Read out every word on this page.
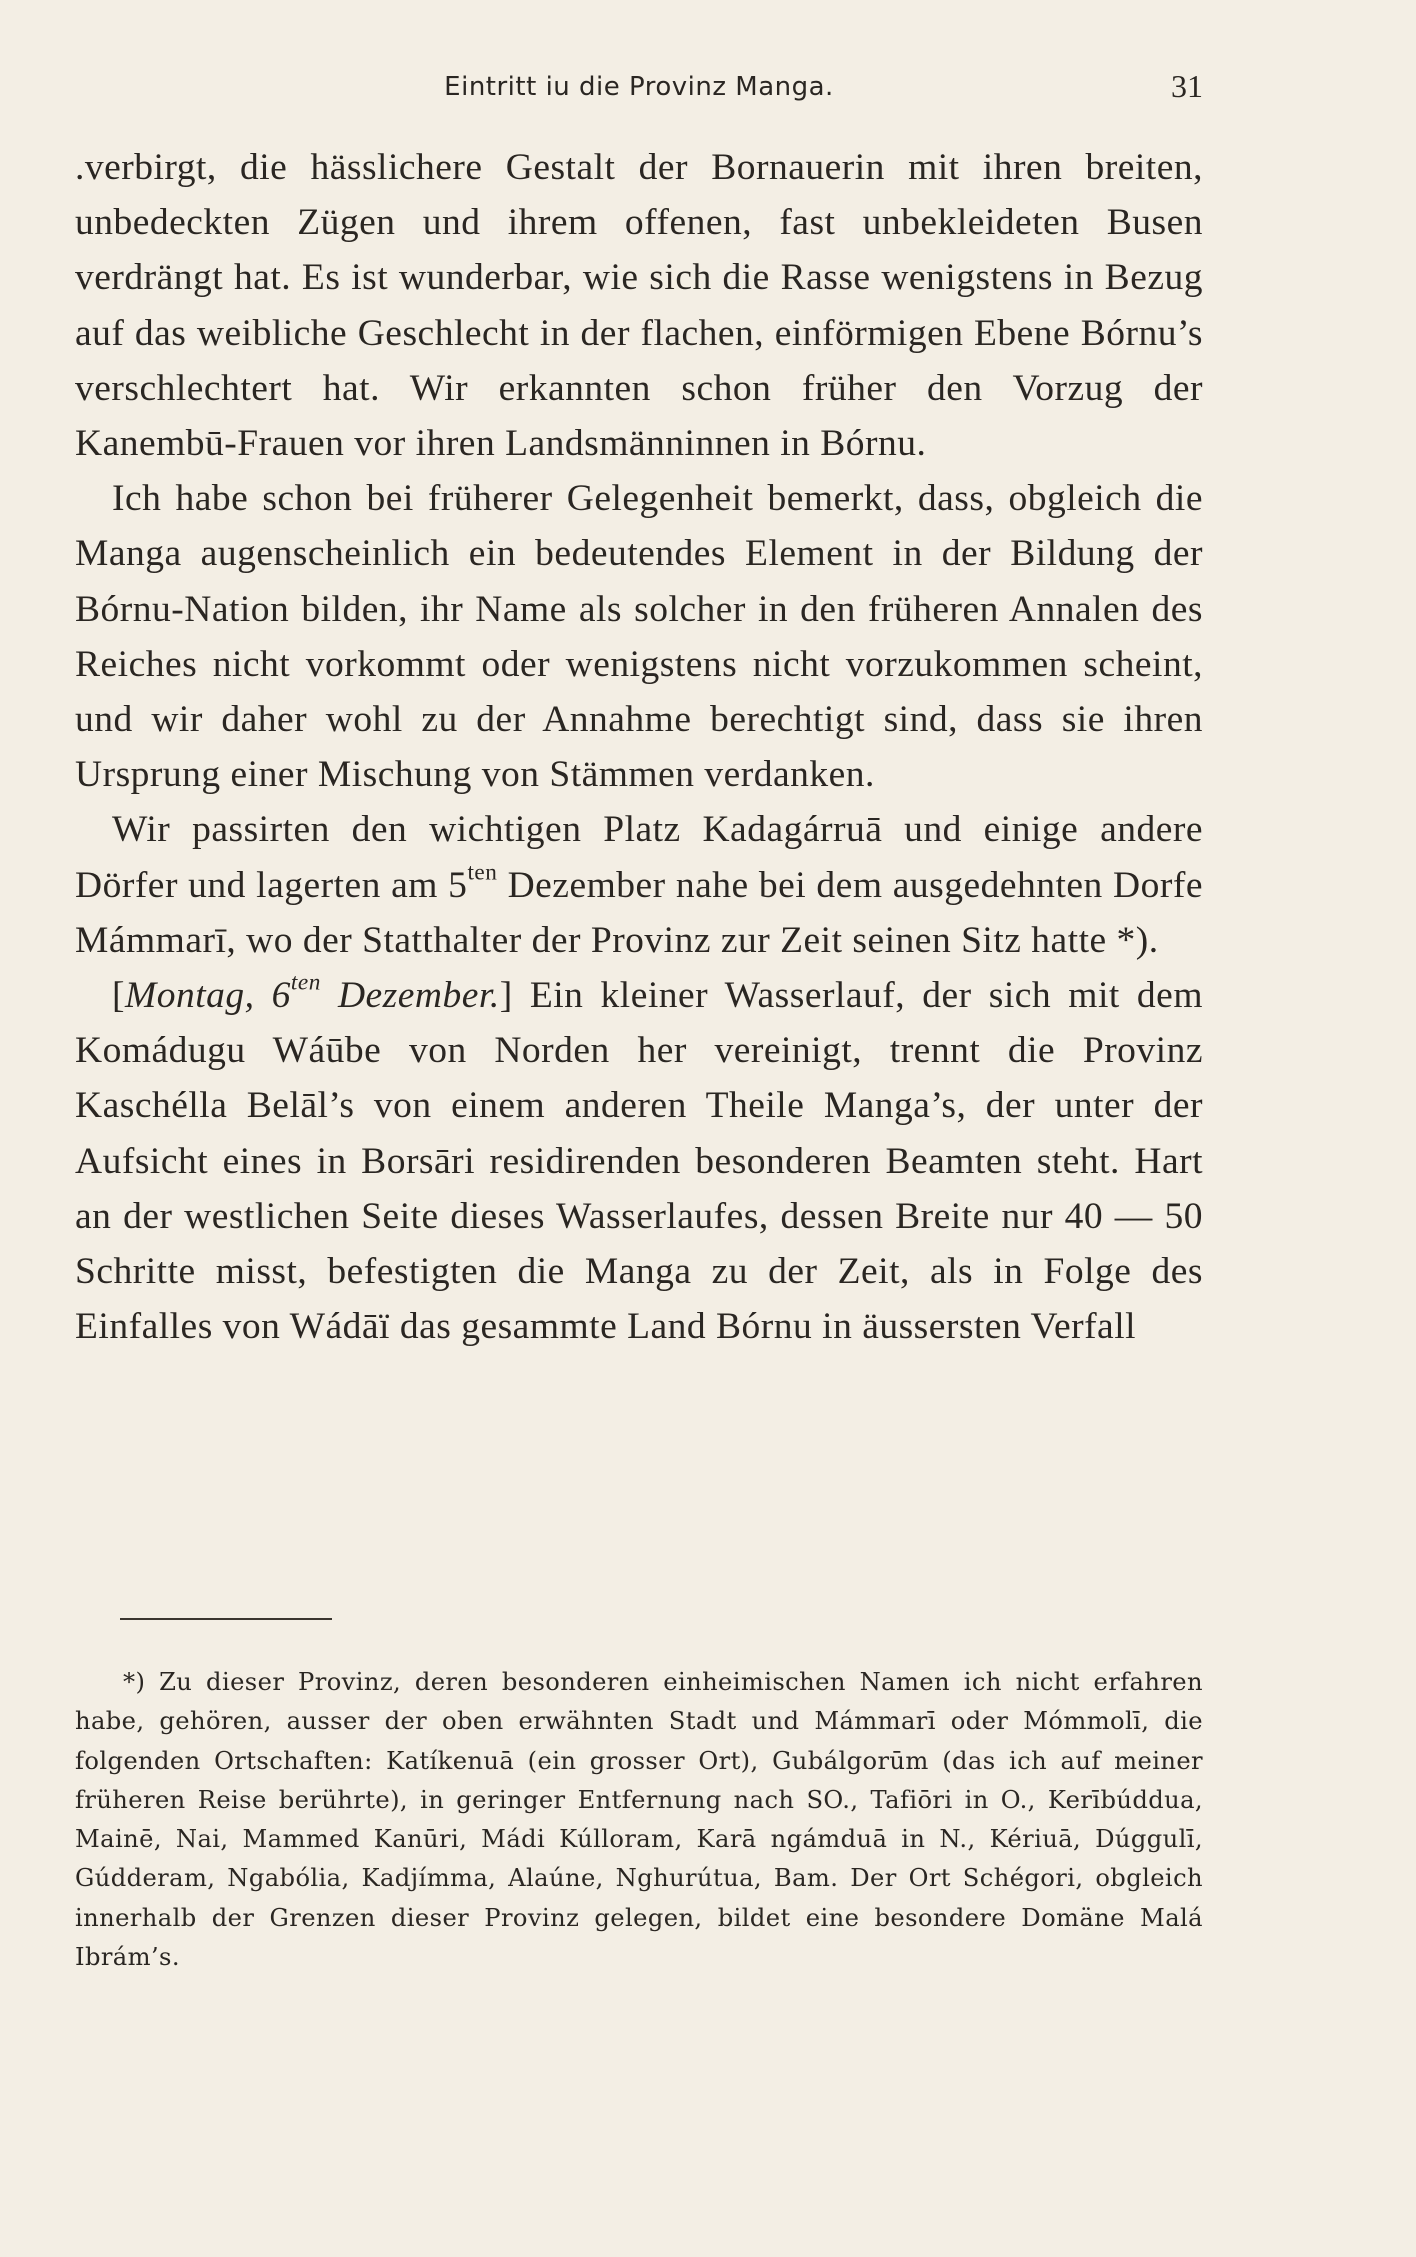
Eintritt iu die Provinz Manga.	31

.verbirgt, die hässlichere Gestalt der Bornauerin mit ihren breiten, unbedeckten Zügen und ihrem offenen, fast unbekleideten Busen verdrängt hat. Es ist wunderbar, wie sich die Rasse wenigstens in Bezug auf das weibliche Geschlecht in der flachen, einförmigen Ebene Bórnu’s verschlechtert hat. Wir erkannten schon früher den Vorzug der Kanembū-Frauen vor ihren Landsmänninnen in Bórnu.

Ich habe schon bei früherer Gelegenheit bemerkt, dass, obgleich die Manga augenscheinlich ein bedeutendes Element in der Bildung der Bórnu-Nation bilden, ihr Name als solcher in den früheren Annalen des Reiches nicht vorkommt oder wenigstens nicht vorzukommen scheint, und wir daher wohl zu der Annahme berechtigt sind, dass sie ihren Ursprung einer Mischung von Stämmen verdanken.

Wir passirten den wichtigen Platz Kadagárruā und einige andere Dörfer und lagerten am $5^{ten}$ Dezember nahe bei dem ausgedehnten Dorfe Mámmarī, wo der Statthalter der Provinz zur Zeit seinen Sitz hatte *).

[Montag, $6^{ten}$ Dezember.] Ein kleiner Wasserlauf, der sich mit dem Komádugu Wáūbe von Norden her vereinigt, trennt die Provinz Kaschélla Belāl’s von einem anderen Theile Manga’s, der unter der Aufsicht eines in Borsāri residirenden besonderen Beamten steht. Hart an der westlichen Seite dieses Wasserlaufes, dessen Breite nur 40 — 50 Schritte misst, befestigten die Manga zu der Zeit, als in Folge des Einfalles von Wádāï das gesammte Land Bórnu in äussersten Verfall

*) Zu dieser Provinz, deren besonderen einheimischen Namen ich nicht erfahren habe, gehören, ausser der oben erwähnten Stadt und Mámmarī oder Mómmolī, die folgenden Ortschaften: Katíkenuā (ein grosser Ort), Gubálgorūm (das ich auf meiner früheren Reise berührte), in geringer Entfernung nach SO., Tafiōri in O., Kerībúddua, Mainē, Nai, Mammed Kanūri, Mádi Kúlloram, Karā ngámduā in N., Kériuā, Dúggulī, Gúdderam, Ngabólia, Kadjímma, Alaúne, Nghurútua, Bam. Der Ort Schégori, obgleich innerhalb der Grenzen dieser Provinz gelegen, bildet eine besondere Domäne Malá Ibrám’s.
